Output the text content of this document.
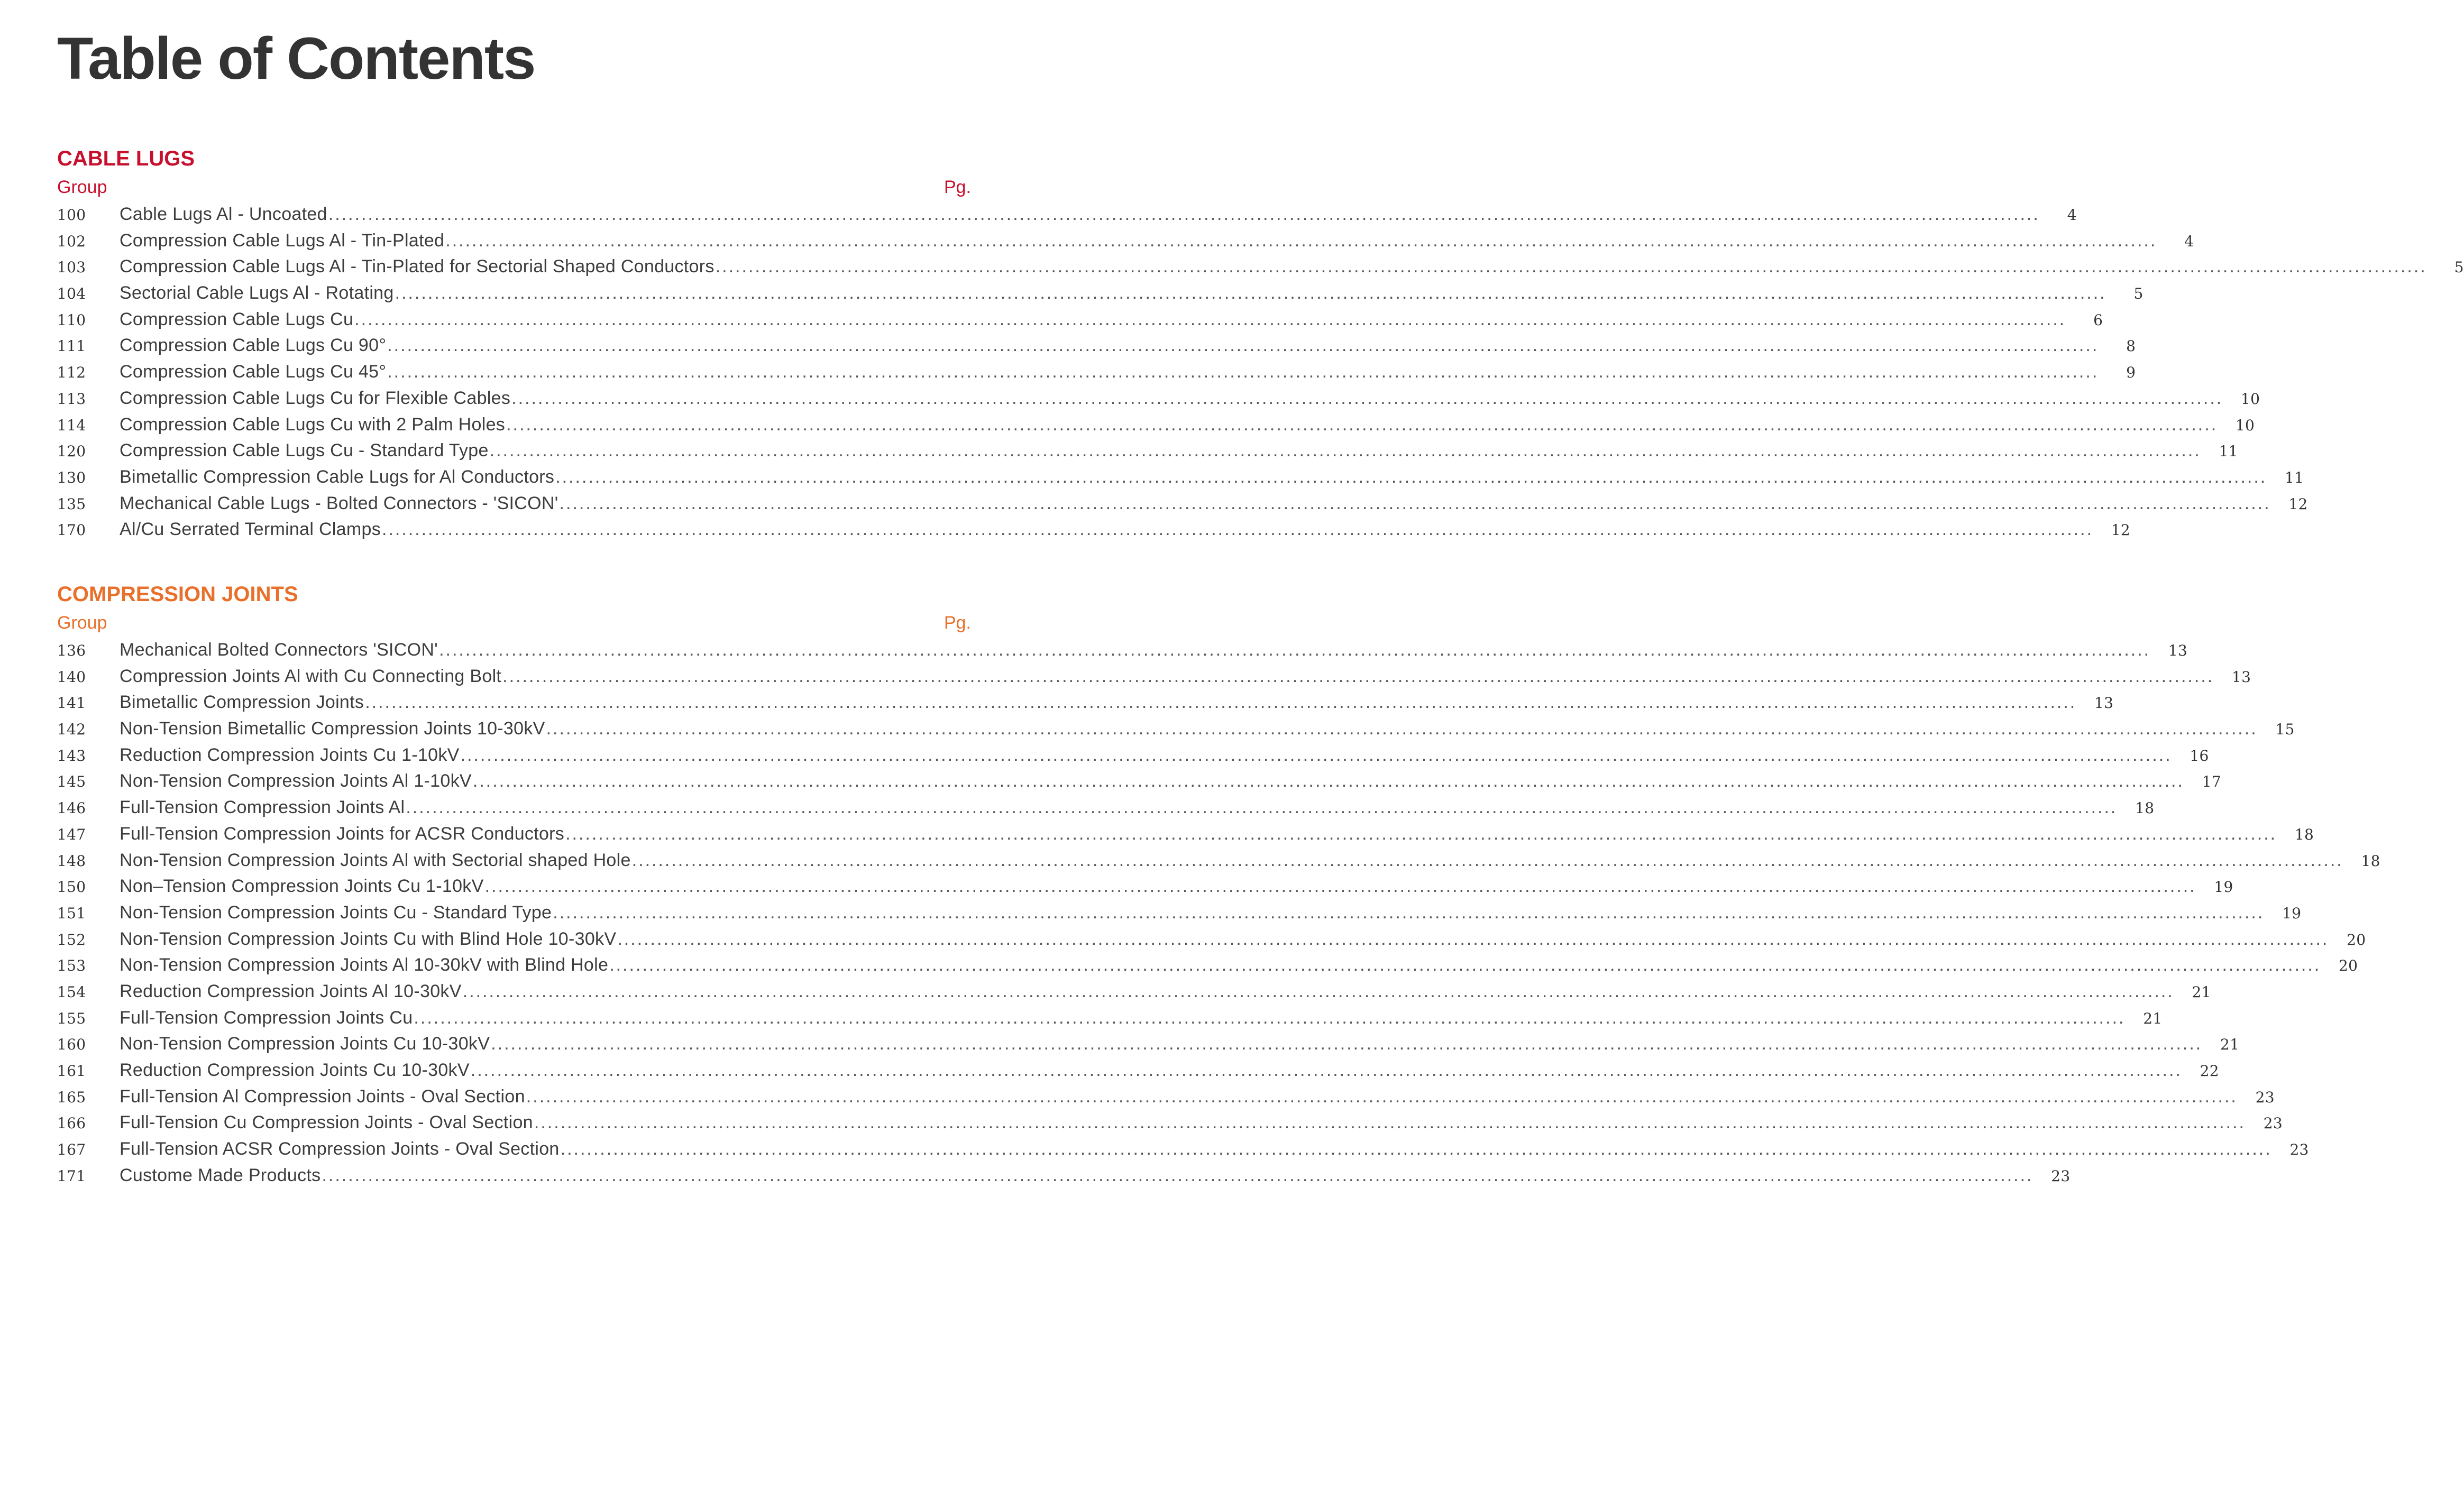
Table of Contents
CABLE LUGS
Group	Pg.
100	Cable Lugs Al - Uncoated ....................................................................................................................................................................................................................................................................	4
102	Compression Cable Lugs Al - Tin-Plated ....................................................................................................................................................................................................................................................................	4
103	Compression Cable Lugs Al - Tin-Plated for Sectorial Shaped Conductors ....................................................................................................................................................................................................................................................................	5
104	Sectorial Cable Lugs Al - Rotating ....................................................................................................................................................................................................................................................................	5
110	Compression Cable Lugs Cu ....................................................................................................................................................................................................................................................................	6
111	Compression Cable Lugs Cu 90° ....................................................................................................................................................................................................................................................................	8
112	Compression Cable Lugs Cu 45° ....................................................................................................................................................................................................................................................................	9
113	Compression Cable Lugs Cu for Flexible Cables ....................................................................................................................................................................................................................................................................	10
114	Compression Cable Lugs Cu with 2 Palm Holes ....................................................................................................................................................................................................................................................................	10
120	Compression Cable Lugs Cu - Standard Type ....................................................................................................................................................................................................................................................................	11
130	Bimetallic Compression Cable Lugs for Al Conductors ....................................................................................................................................................................................................................................................................	11
135	Mechanical Cable Lugs - Bolted Connectors - 'SICON' ....................................................................................................................................................................................................................................................................	12
170	Al/Cu Serrated Terminal Clamps ....................................................................................................................................................................................................................................................................	12
COMPRESSION JOINTS
Group	Pg.
136	Mechanical Bolted Connectors 'SICON' ....................................................................................................................................................................................................................................................................	13
140	Compression Joints Al with Cu Connecting Bolt ....................................................................................................................................................................................................................................................................	13
141	Bimetallic Compression Joints ....................................................................................................................................................................................................................................................................	13
142	Non-Tension Bimetallic Compression Joints 10-30kV ....................................................................................................................................................................................................................................................................	15
143	Reduction Compression Joints Cu 1-10kV ....................................................................................................................................................................................................................................................................	16
145	Non-Tension Compression Joints Al 1-10kV ....................................................................................................................................................................................................................................................................	17
146	Full-Tension Compression Joints Al ....................................................................................................................................................................................................................................................................	18
147	Full-Tension Compression Joints for ACSR Conductors ....................................................................................................................................................................................................................................................................	18
148	Non-Tension Compression Joints Al with Sectorial shaped Hole ....................................................................................................................................................................................................................................................................	18
150	Non–Tension Compression Joints Cu 1-10kV ....................................................................................................................................................................................................................................................................	19
151	Non-Tension Compression Joints Cu - Standard Type ....................................................................................................................................................................................................................................................................	19
152	Non-Tension Compression Joints Cu with Blind Hole 10-30kV ....................................................................................................................................................................................................................................................................	20
153	Non-Tension Compression Joints Al 10-30kV with Blind Hole ....................................................................................................................................................................................................................................................................	20
154	Reduction Compression Joints Al 10-30kV ....................................................................................................................................................................................................................................................................	21
155	Full-Tension Compression Joints Cu ....................................................................................................................................................................................................................................................................	21
160	Non-Tension Compression Joints Cu 10-30kV ....................................................................................................................................................................................................................................................................	21
161	Reduction Compression Joints Cu 10-30kV ....................................................................................................................................................................................................................................................................	22
165	Full-Tension Al Compression Joints - Oval Section ....................................................................................................................................................................................................................................................................	23
166	Full-Tension Cu Compression Joints - Oval Section ....................................................................................................................................................................................................................................................................	23
167	Full-Tension ACSR Compression Joints - Oval Section ....................................................................................................................................................................................................................................................................	23
171	Custome Made Products ....................................................................................................................................................................................................................................................................	23
